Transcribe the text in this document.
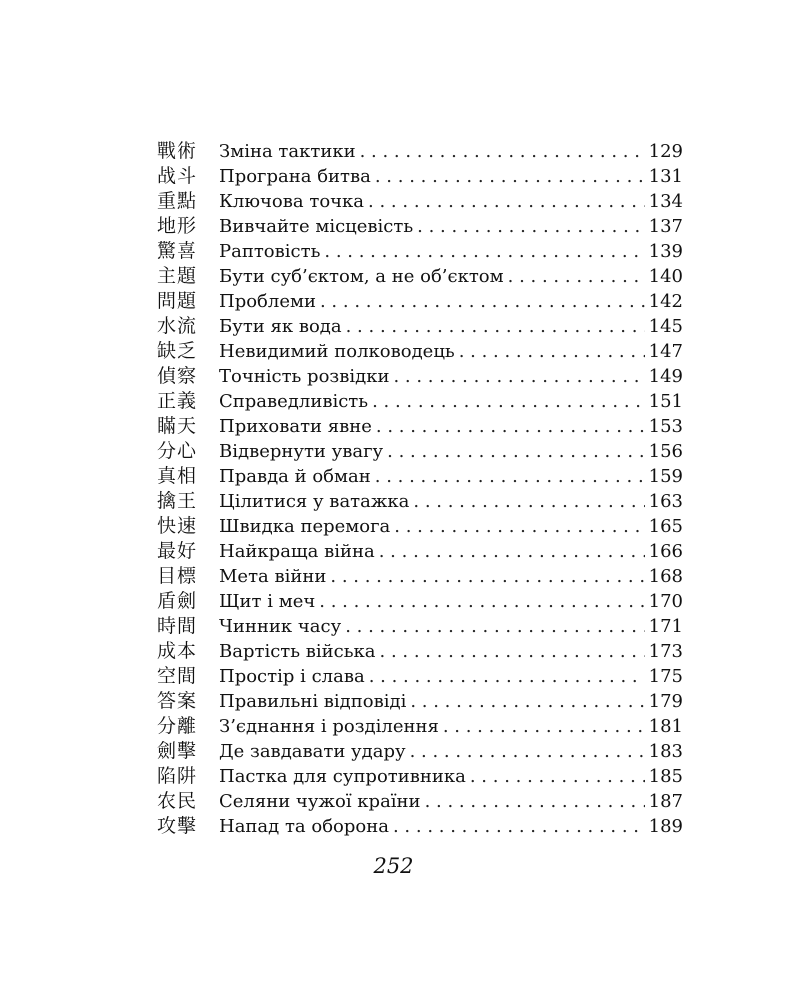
戰術	Зміна тактики . . .	129
战斗	Програна битва . . .	131
重點	Ключова точка . . .	134
地形	Вивчайте місцевість . . .	137
驚喜	Раптовість . . .	139
主題	Бути суб’єктом, а не об’єктом . . .	140
問題	Проблеми . . .	142
水流	Бути як вода . . .	145
缺乏	Невидимий полководець . . .	147
偵察	Точність розвідки . . .	149
正義	Справедливість . . .	151
瞞天	Приховати явне . . .	153
分心	Відвернути увагу . . .	156
真相	Правда й обман . . .	159
擒王	Цілитися у ватажка . . .	163
快速	Швидка перемога . . .	165
最好	Найкраща війна . . .	166
目標	Мета війни . . .	168
盾劍	Щит і меч . . .	170
時間	Чинник часу . . .	171
成本	Вартість війська . . .	173
空間	Простір і слава . . .	175
答案	Правильні відповіді . . .	179
分離	З’єднання і розділення . . .	181
劍擊	Де завдавати удару . . .	183
陷阱	Пастка для супротивника . . .	185
农民	Селяни чужої країни . . .	187
攻擊	Напад та оборона . . .	189
252
